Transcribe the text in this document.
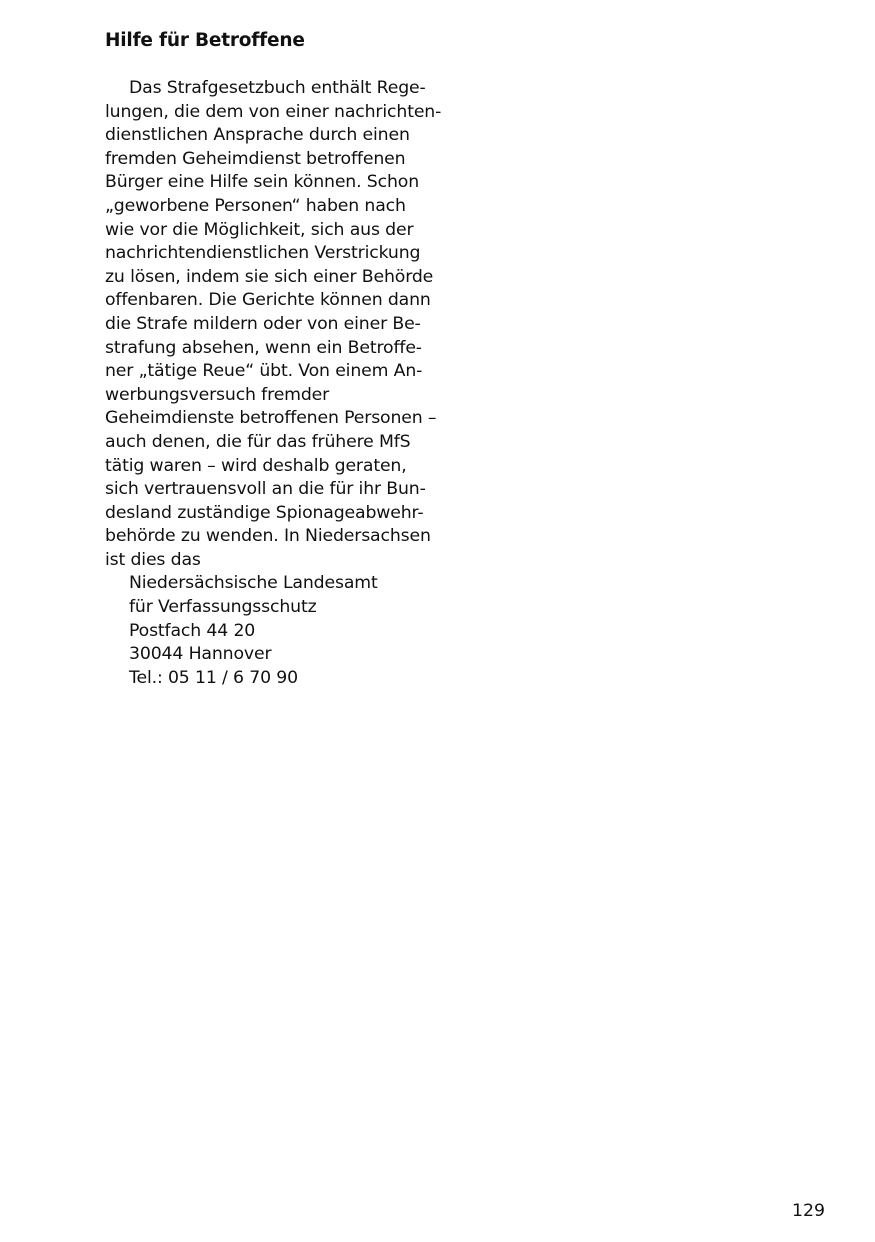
Hilfe für Betroffene
Das Strafgesetzbuch enthält Rege-
lungen, die dem von einer nachrichten-
dienstlichen Ansprache durch einen
fremden Geheimdienst betroffenen
Bürger eine Hilfe sein können. Schon
„geworbene Personen“ haben nach
wie vor die Möglichkeit, sich aus der
nachrichtendienstlichen Verstrickung
zu lösen, indem sie sich einer Behörde
offenbaren. Die Gerichte können dann
die Strafe mildern oder von einer Be-
strafung absehen, wenn ein Betroffe-
ner „tätige Reue“ übt. Von einem An-
werbungsversuch fremder
Geheimdienste betroffenen Personen –
auch denen, die für das frühere MfS
tätig waren – wird deshalb geraten,
sich vertrauensvoll an die für ihr Bun-
desland zuständige Spionageabwehr-
behörde zu wenden. In Niedersachsen
ist dies das
Niedersächsische Landesamt
für Verfassungsschutz
Postfach 44 20
30044 Hannover
Tel.: 05 11 / 6 70 90
129
